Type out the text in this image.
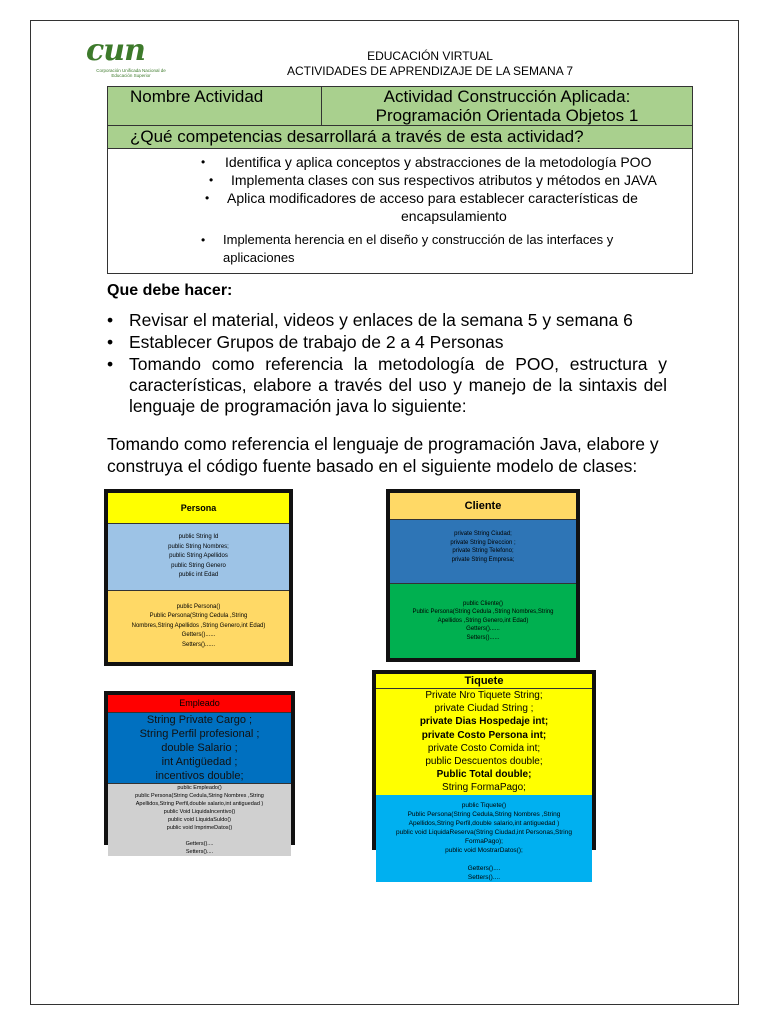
cun
Corporación Unificada Nacional de Educación Superior
EDUCACIÓN VIRTUAL
ACTIVIDADES DE APRENDIZAJE DE LA SEMANA 7
Nombre Actividad	Actividad Construcción Aplicada:
Programación Orientada Objetos 1

¿Qué competencias desarrollará a través de esta actividad?

• Identifica y aplica conceptos y abstracciones de la metodología POO
• Implementa clases con sus respectivos atributos y métodos en JAVA
• Aplica modificadores de acceso para establecer características de
encapsulamiento
• Implementa herencia en el diseño y construcción de las interfaces y
aplicaciones
Que debe hacer:
• Revisar el material, videos y enlaces de la semana 5 y semana 6
• Establecer Grupos de trabajo de 2 a 4 Personas
• Tomando como referencia la metodología de POO, estructura y características, elabore a través del uso y manejo de la sintaxis del lenguaje de programación java lo siguiente:
Tomando como referencia el lenguaje de programación Java, elabore y construya el código fuente basado en el siguiente modelo de clases:
Persona
public String Id
public String Nombres;
public String Apellidos
public String Genero
public int Edad
public Persona()
Public Persona(String Cedula ,String
Nombres,String Apellidos ,String Genero,int Edad)
Getters()......
Setters()......
Cliente
private String Ciudad;
private String Direccion ;
private String Telefono;
private String Empresa;
public Cliente()
Public Persona(String Cedula ,String Nombres,String
Apellidos ,String Genero,int Edad)
Getters()......
Setters()......
Empleado
String Private Cargo ;
String Perfil profesional ;
double Salario ;
int Antigüedad ;
incentivos double;
public Empleado()
public Persona(String Cedula,String Nombres ,String
Apellidos,String Perfil,double salario,int antiguedad )
public Void LiquidaIncentivo()
public void LiquidaSuldo()
public void ImprimeDatos()

Getters()....
Setters()....
Tiquete
Private Nro Tiquete String;
private Ciudad String ;
private Dias Hospedaje int;
private Costo Persona int;
private Costo Comida int;
public Descuentos double;
Public Total double;
String FormaPago;
public Tiquete()
Public Persona(String Cedula,String Nombres ,String
Apellidos,String Perfil,double salario,int antiguedad )
public void LiquidaReserva(String Ciudad,int Personas,String
FormaPago);
public void MostrarDatos();

Getters()....
Setters()....
